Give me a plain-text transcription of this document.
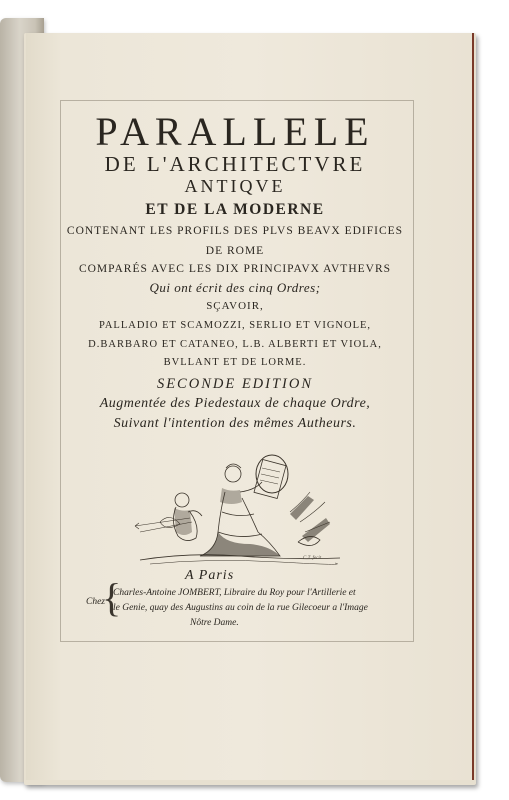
PARALLELE
DE L'ARCHITECTVRE
ANTIQVE
ET DE LA MODERNE
CONTENANT LES PROFILS DES PLVS BEAVX EDIFICES
DE ROME
COMPARÉS AVEC LES DIX PRINCIPAVX AVTHEVRS
Qui ont écrit des cinq Ordres;
SÇAVOIR,
PALLADIO ET SCAMOZZI, SERLIO ET VIGNOLE,
D.BARBARO ET CATANEO, L.B. ALBERTI ET VIOLA,
BVLLANT ET DE LORME.
SECONDE EDITION
Augmentée des Piedestaux de chaque Ordre,
Suivant l'intention des mêmes Autheurs.
C.T. fecit
A Paris
Chez
{
Charles-Antoine JOMBERT, Libraire du Roy pour l'Artillerie et
le Genie, quay des Augustins au coin de la rue Gilecoeur a l'Image
Nôtre Dame.
